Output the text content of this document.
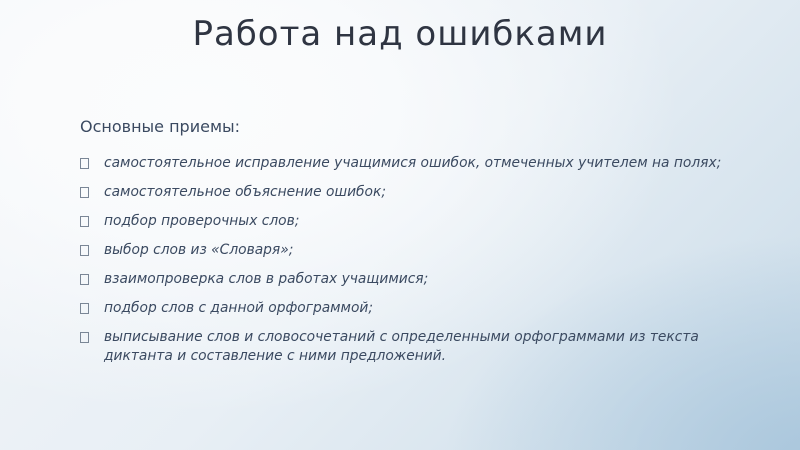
Работа над ошибками
Основные приемы:
самостоятельное исправление учащимися ошибок, отмеченных учителем на полях;
самостоятельное объяснение ошибок;
подбор проверочных слов;
выбор слов из «Словаря»;
взаимопроверка слов в работах учащимися;
подбор слов с данной орфограммой;
выписывание слов и словосочетаний с определенными орфограммами из текста диктанта и составление с ними предложений.
